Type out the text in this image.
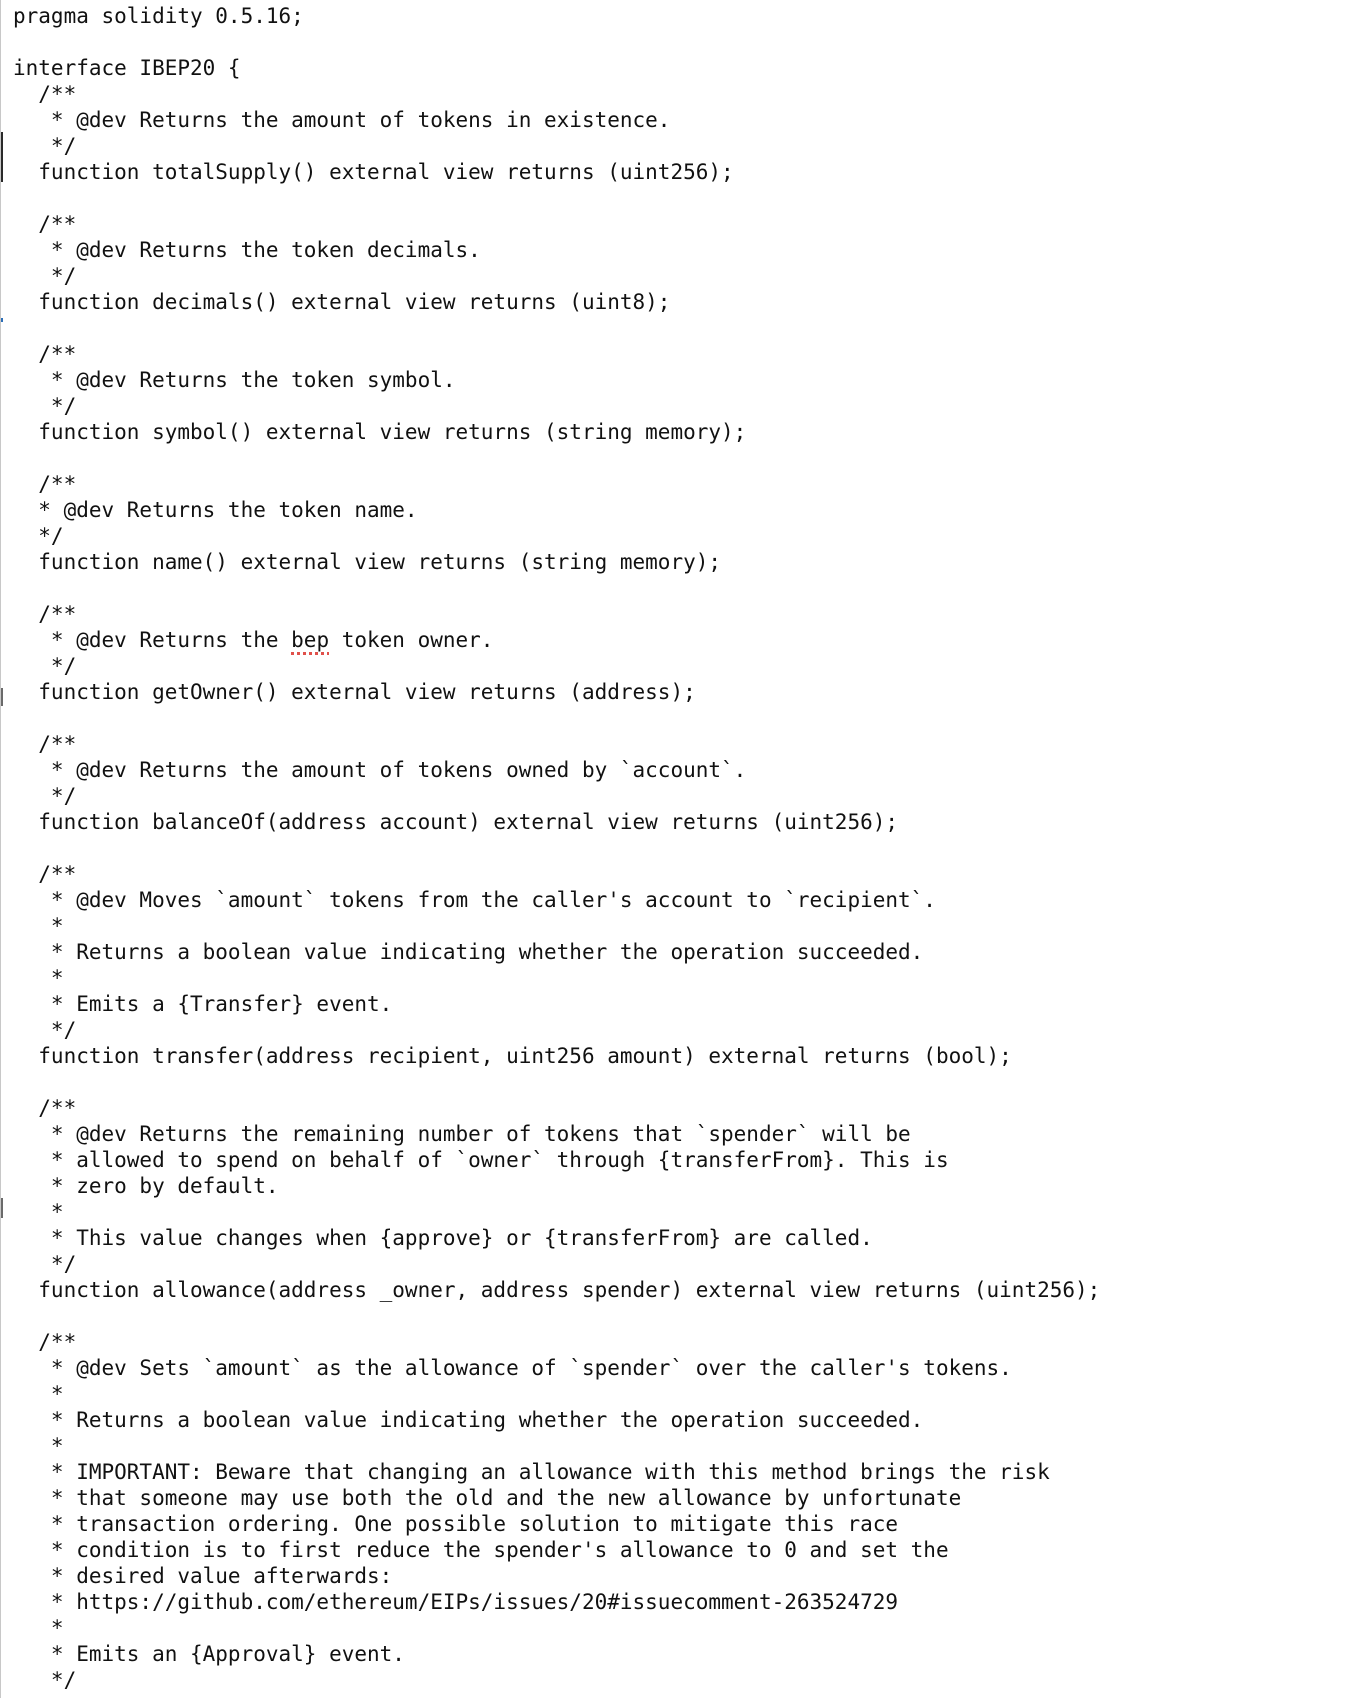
pragma solidity 0.5.16;

interface IBEP20 {
/**
* @dev Returns the amount of tokens in existence.
*/
function totalSupply() external view returns (uint256);

/**
* @dev Returns the token decimals.
*/
function decimals() external view returns (uint8);

/**
* @dev Returns the token symbol.
*/
function symbol() external view returns (string memory);

/**
* @dev Returns the token name.
*/
function name() external view returns (string memory);

/**
* @dev Returns the bep token owner.
*/
function getOwner() external view returns (address);

/**
* @dev Returns the amount of tokens owned by `account`.
*/
function balanceOf(address account) external view returns (uint256);

/**
* @dev Moves `amount` tokens from the caller's account to `recipient`.
*
* Returns a boolean value indicating whether the operation succeeded.
*
* Emits a {Transfer} event.
*/
function transfer(address recipient, uint256 amount) external returns (bool);

/**
* @dev Returns the remaining number of tokens that `spender` will be
* allowed to spend on behalf of `owner` through {transferFrom}. This is
* zero by default.
*
* This value changes when {approve} or {transferFrom} are called.
*/
function allowance(address _owner, address spender) external view returns (uint256);

/**
* @dev Sets `amount` as the allowance of `spender` over the caller's tokens.
*
* Returns a boolean value indicating whether the operation succeeded.
*
* IMPORTANT: Beware that changing an allowance with this method brings the risk
* that someone may use both the old and the new allowance by unfortunate
* transaction ordering. One possible solution to mitigate this race
* condition is to first reduce the spender's allowance to 0 and set the
* desired value afterwards:
* https://github.com/ethereum/EIPs/issues/20#issuecomment-263524729
*
* Emits an {Approval} event.
*/
